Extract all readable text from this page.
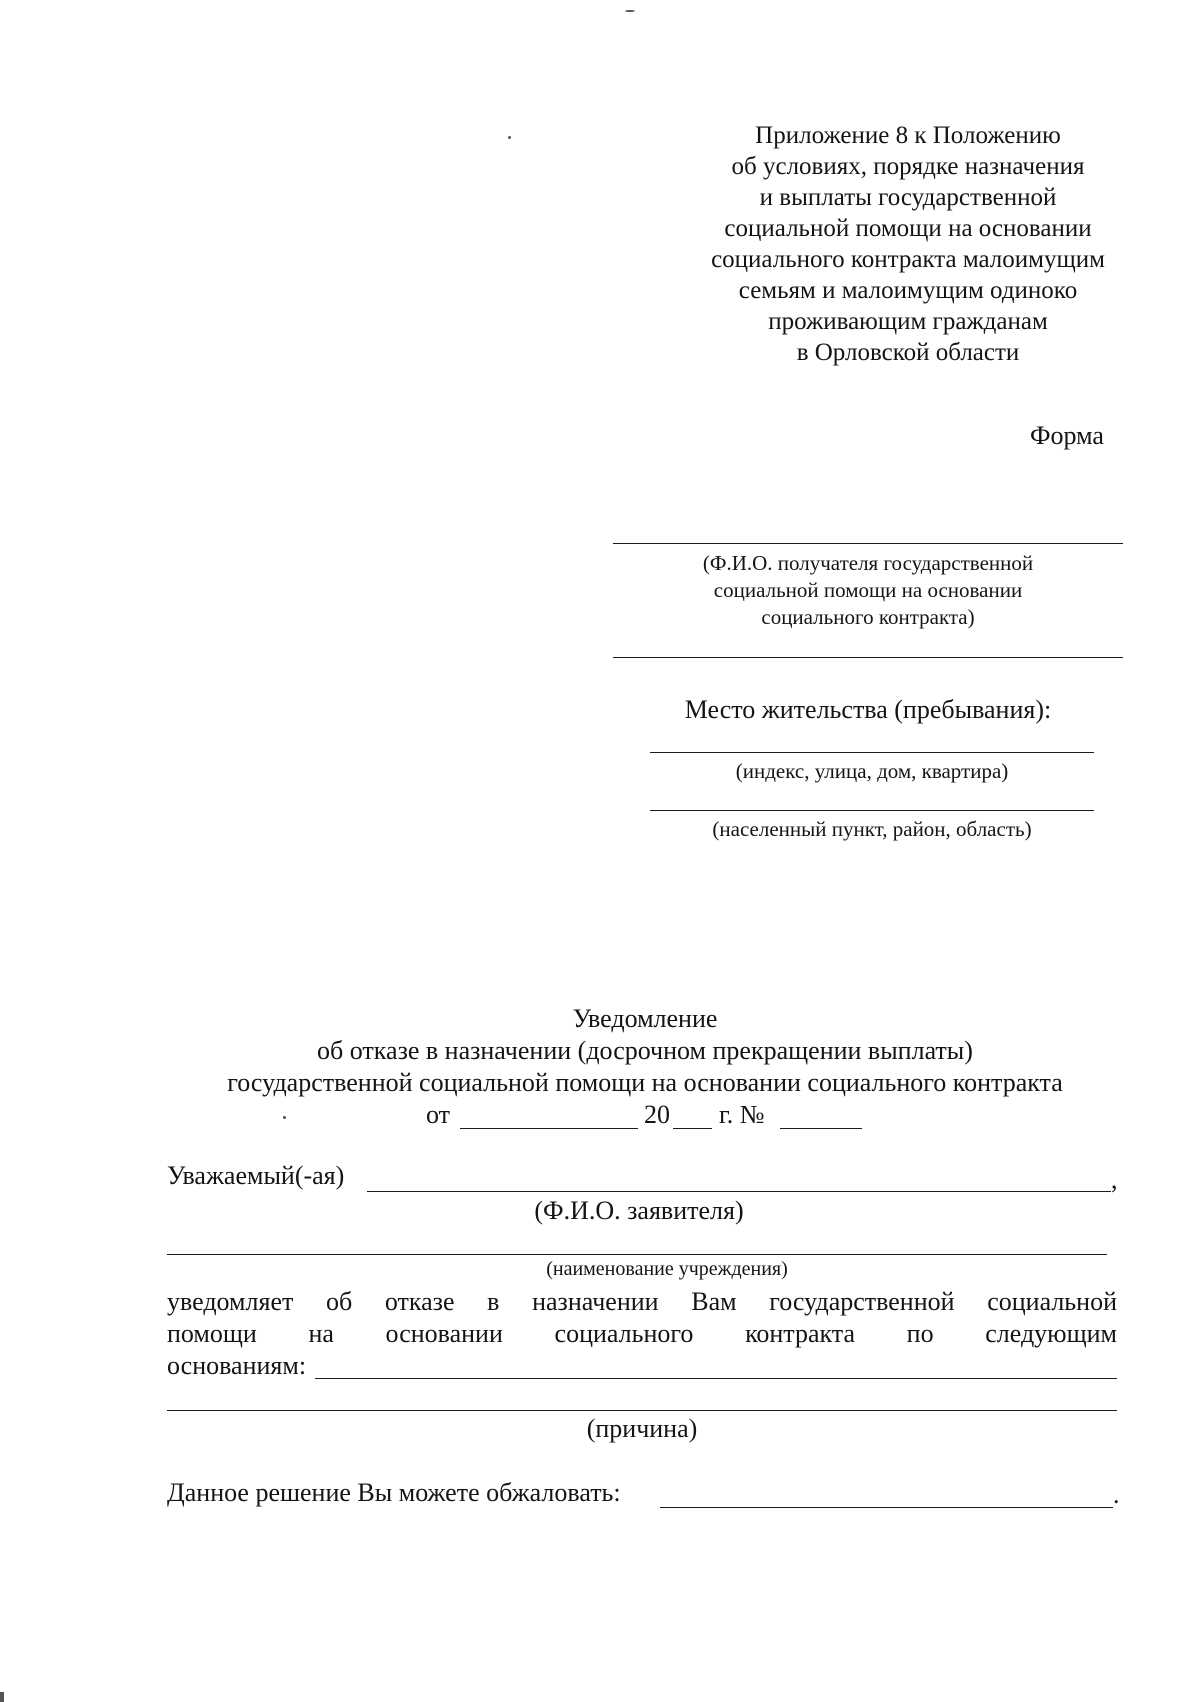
Приложение 8 к Положению
об условиях, порядке назначения
и выплаты государственной
социальной помощи на основании
социального контракта малоимущим
семьям и малоимущим одиноко
проживающим гражданам
в Орловской области
Форма
(Ф.И.О. получателя государственной
социальной помощи на основании
социального контракта)
Место жительства (пребывания):
(индекс, улица, дом, квартира)
(населенный пункт, район, область)
Уведомление
об отказе в назначении (досрочном прекращении выплаты)
государственной социальной помощи на основании социального контракта
от	20 г. №
Уважаемый(-ая)	,
(Ф.И.О. заявителя)
(наименование учреждения)
уведомляет об отказе в назначении Вам государственной социальной
помощи на основании социального контракта по следующим
основаниям:
(причина)
Данное решение Вы можете обжаловать:	.
